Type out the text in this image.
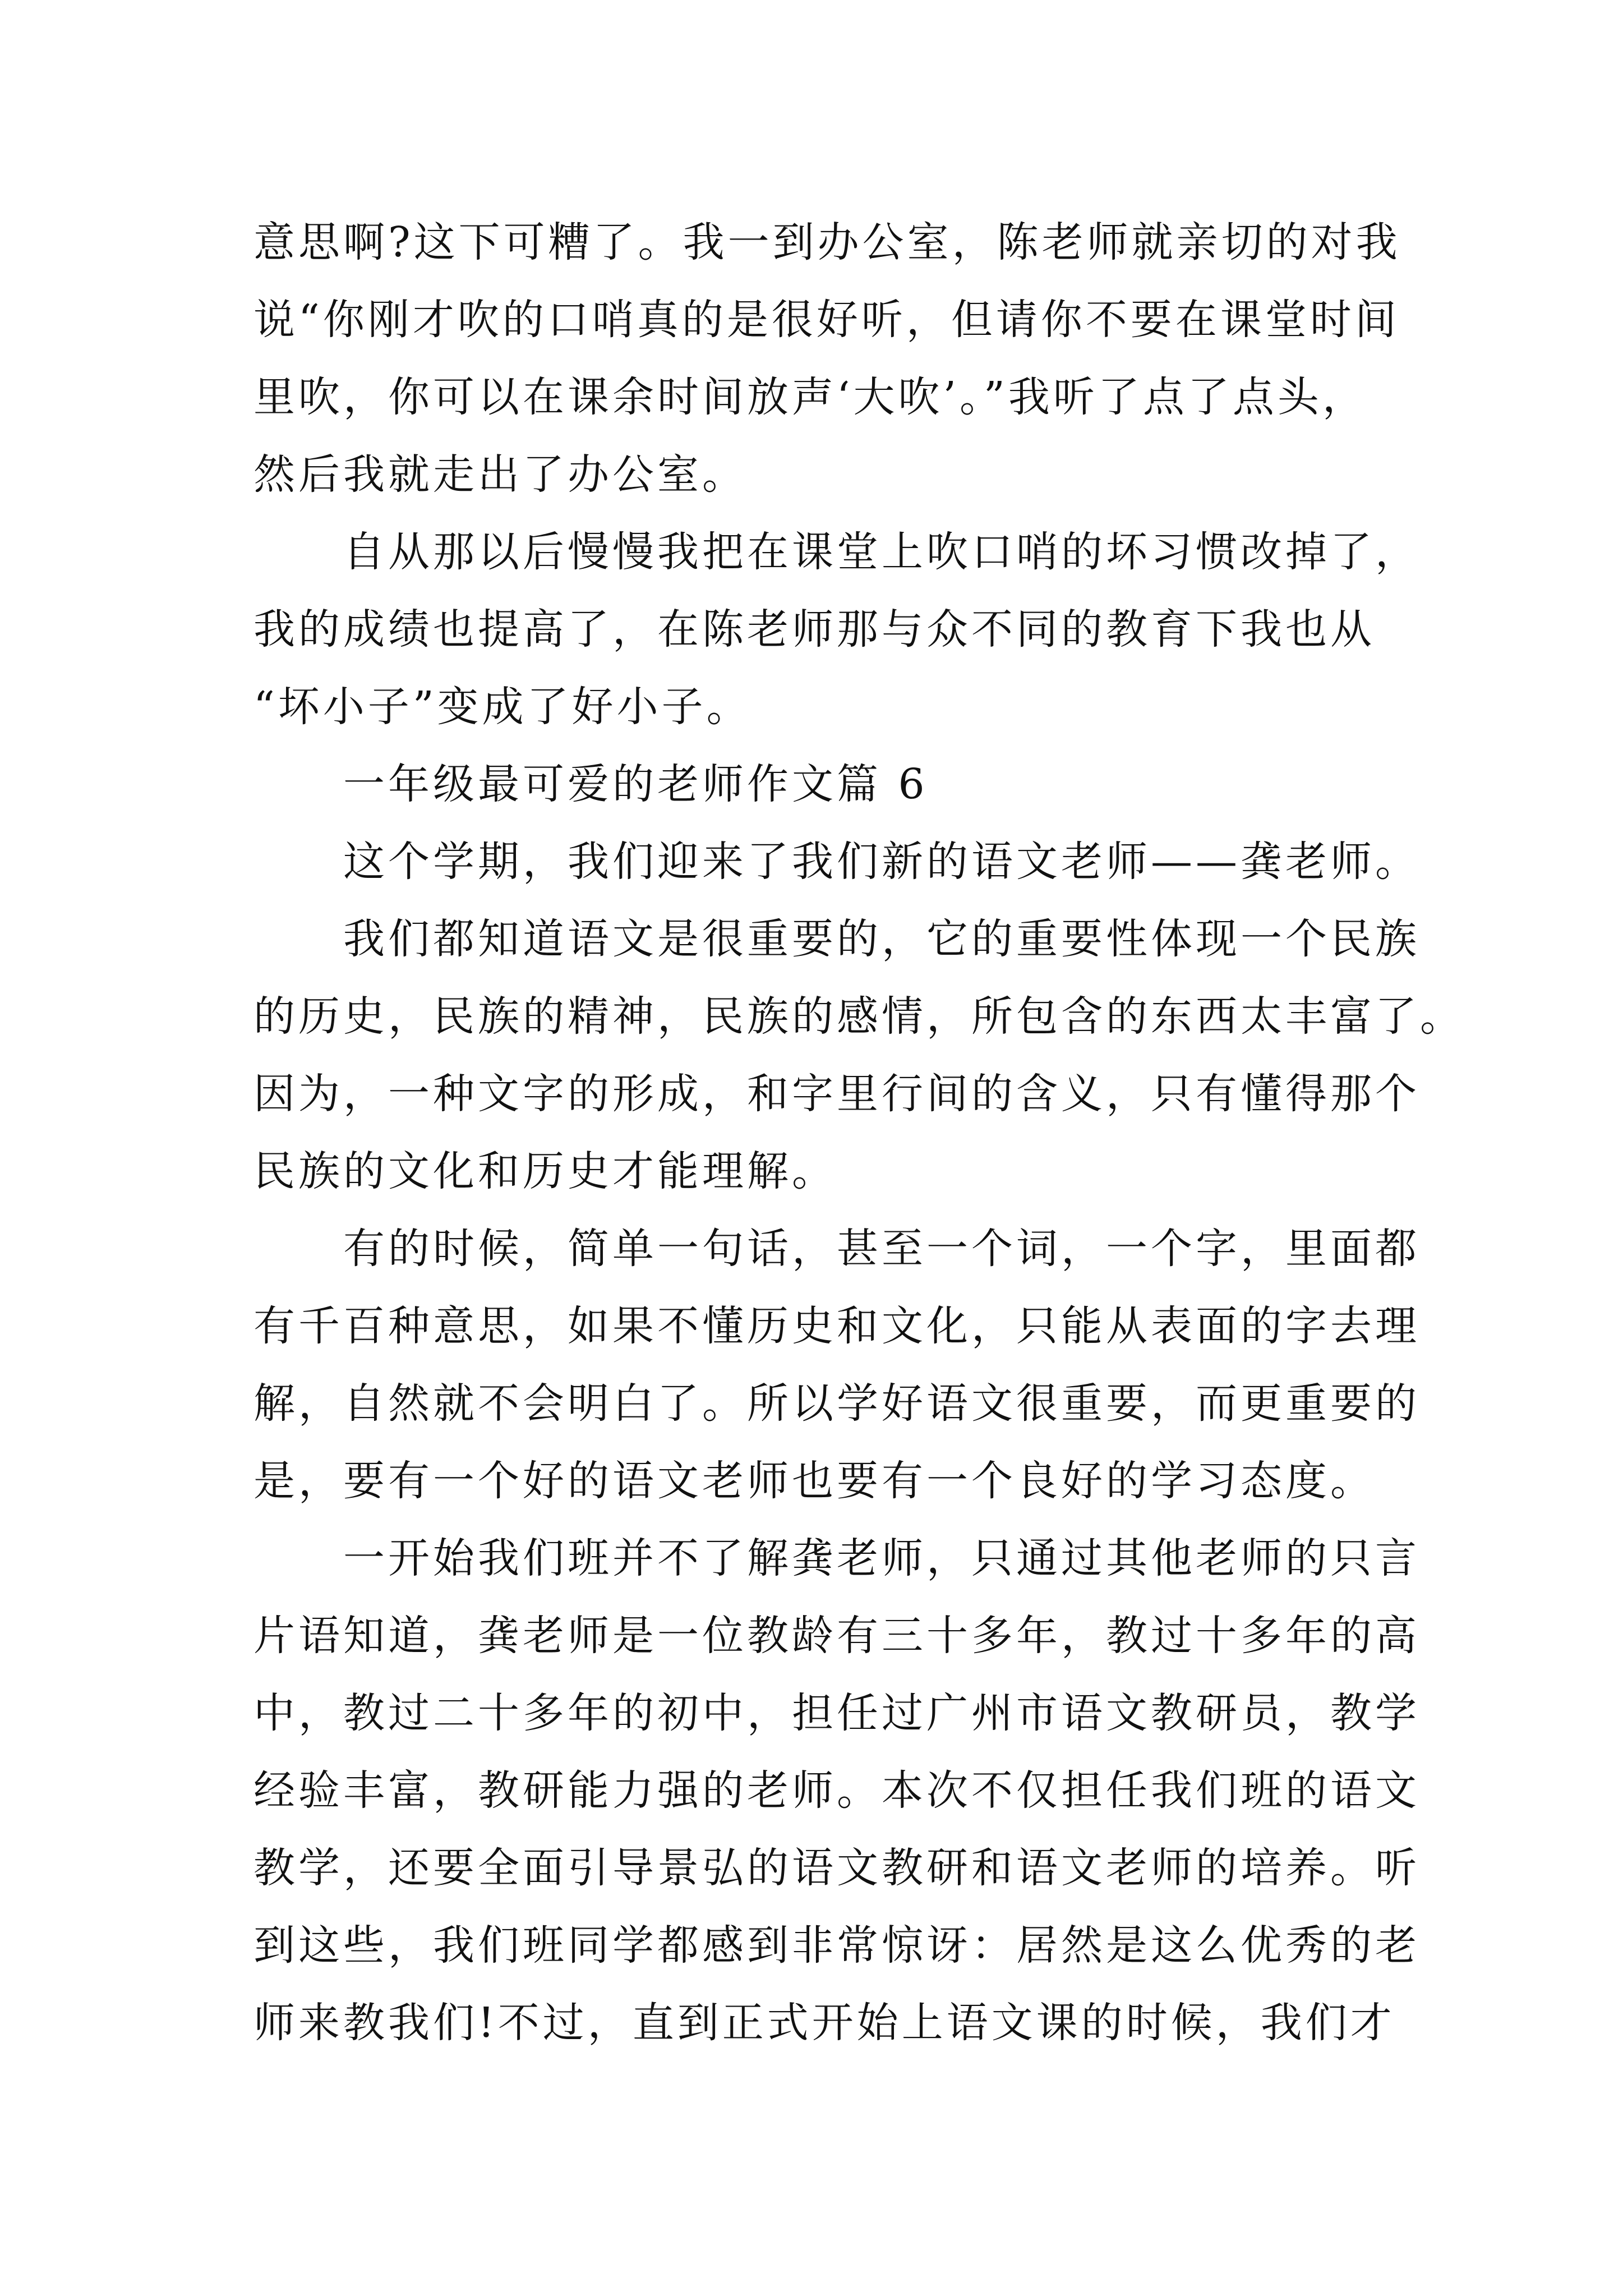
意思啊?这下可糟了。我一到办公室，陈老师就亲切的对我
说“你刚才吹的口哨真的是很好听，但请你不要在课堂时间
里吹，你可以在课余时间放声‘大吹’。”我听了点了点头，
然后我就走出了办公室。
自从那以后慢慢我把在课堂上吹口哨的坏习惯改掉了，
我的成绩也提高了，在陈老师那与众不同的教育下我也从
“坏小子”变成了好小子。
一年级最可爱的老师作文篇 6
这个学期，我们迎来了我们新的语文老师——龚老师。
我们都知道语文是很重要的，它的重要性体现一个民族
的历史，民族的精神，民族的感情，所包含的东西太丰富了。
因为，一种文字的形成，和字里行间的含义，只有懂得那个
民族的文化和历史才能理解。
有的时候，简单一句话，甚至一个词，一个字，里面都
有千百种意思，如果不懂历史和文化，只能从表面的字去理
解，自然就不会明白了。所以学好语文很重要，而更重要的
是，要有一个好的语文老师也要有一个良好的学习态度。
一开始我们班并不了解龚老师，只通过其他老师的只言
片语知道，龚老师是一位教龄有三十多年，教过十多年的高
中，教过二十多年的初中，担任过广州市语文教研员，教学
经验丰富，教研能力强的老师。本次不仅担任我们班的语文
教学，还要全面引导景弘的语文教研和语文老师的培养。听
到这些，我们班同学都感到非常惊讶：居然是这么优秀的老
师来教我们!不过，直到正式开始上语文课的时候，我们才
